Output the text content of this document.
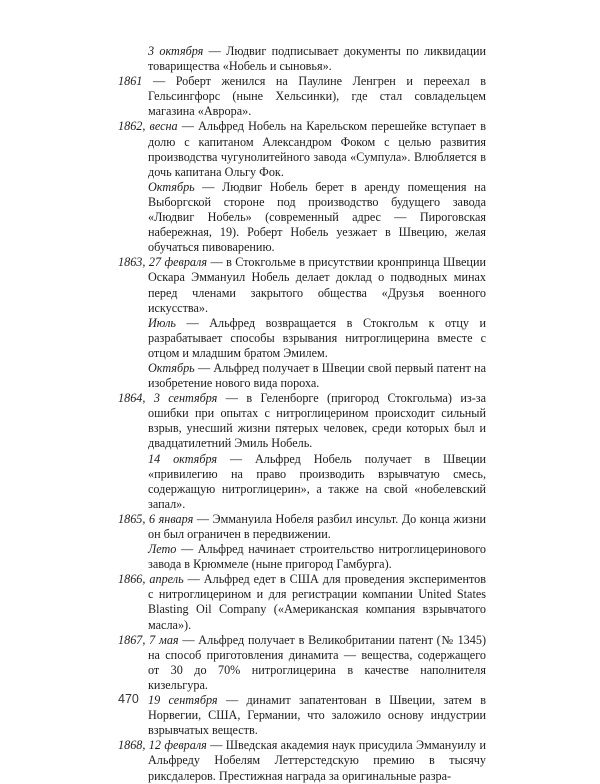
3 октября — Людвиг подписывает документы по ликвидации товарищества «Нобель и сыновья».

1861 — Роберт женился на Паулине Ленгрен и переехал в Гельсингфорс (ныне Хельсинки), где стал совладельцем магазина «Аврора».

1862, весна — Альфред Нобель на Карельском перешейке вступает в долю с капитаном Александром Фоком с целью развития производства чугунолитейного завода «Сумпула». Влюбляется в дочь капитана Ольгу Фок.

Октябрь — Людвиг Нобель берет в аренду помещения на Выборгской стороне под производство будущего завода «Людвиг Нобель» (современный адрес — Пироговская набережная, 19). Роберт Нобель уезжает в Швецию, желая обучаться пивоварению.

1863, 27 февраля — в Стокгольме в присутствии кронпринца Швеции Оскара Эммануил Нобель делает доклад о подводных минах перед членами закрытого общества «Друзья военного искусства».

Июль — Альфред возвращается в Стокгольм к отцу и разрабатывает способы взрывания нитроглицерина вместе с отцом и младшим братом Эмилем.

Октябрь — Альфред получает в Швеции свой первый патент на изобретение нового вида пороха.

1864, 3 сентября — в Геленборге (пригород Стокгольма) из-за ошибки при опытах с нитроглицерином происходит сильный взрыв, унесший жизни пятерых человек, среди которых был и двадцатилетний Эмиль Нобель.

14 октября — Альфред Нобель получает в Швеции «привилегию на право производить взрывчатую смесь, содержащую нитроглицерин», а также на свой «нобелевский запал».

1865, 6 января — Эммануила Нобеля разбил инсульт. До конца жизни он был ограничен в передвижении.

Лето — Альфред начинает строительство нитроглицеринового завода в Крюммеле (ныне пригород Гамбурга).

1866, апрель — Альфред едет в США для проведения экспериментов с нитроглицерином и для регистрации компании United States Blasting Oil Company («Американская компания взрывчатого масла»).

1867, 7 мая — Альфред получает в Великобритании патент (№ 1345) на способ приготовления динамита — вещества, содержащего от 30 до 70% нитроглицерина в качестве наполнителя кизельгура.

19 сентября — динамит запатентован в Швеции, затем в Норвегии, США, Германии, что заложило основу индустрии взрывчатых веществ.

1868, 12 февраля — Шведская академия наук присудила Эммануилу и Альфреду Нобелям Леттерстедскую премию в тысячу риксдалеров. Престижная награда за оригинальные разра-

470
